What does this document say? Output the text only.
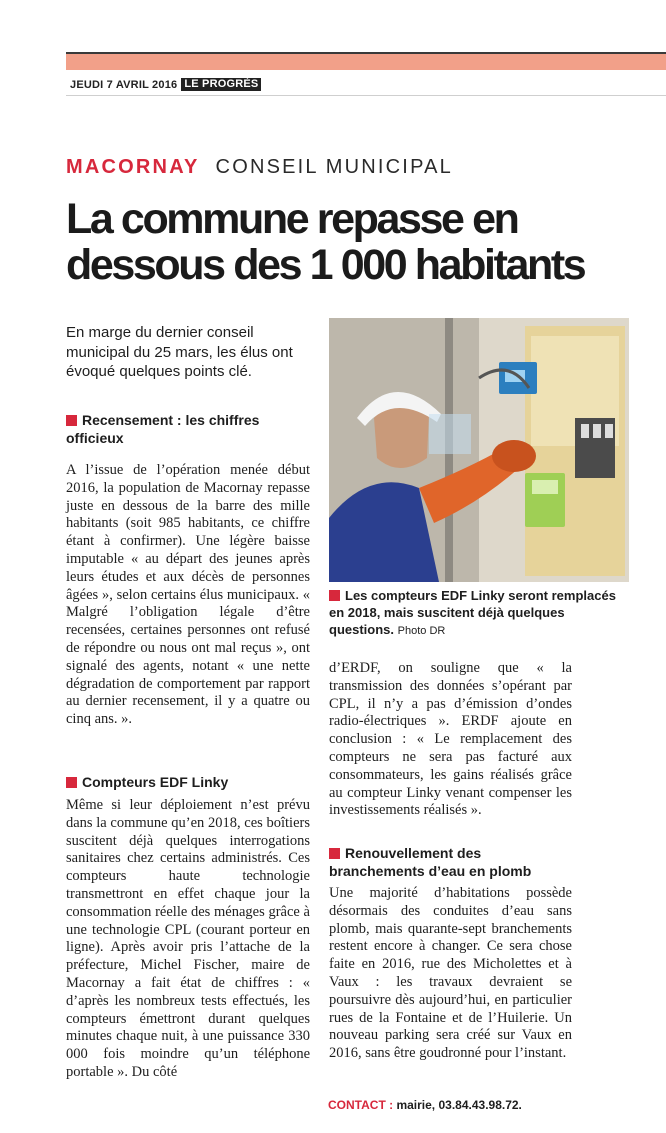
JEUDI 7 AVRIL 2016 LE PROGRÈS
MACORNAY CONSEIL MUNICIPAL
La commune repasse en
dessous des 1 000 habitants

En marge du dernier conseil municipal du 25 mars, les élus ont évoqué quelques points clé.

Recensement : les chiffres officieux

A l’issue de l’opération menée début 2016, la population de Macornay repasse juste en dessous de la barre des mille habitants (soit 985 habitants, ce chiffre étant à confirmer). Une légère baisse imputable « au départ des jeunes après leurs études et aux décès de personnes âgées », selon certains élus municipaux. « Malgré l’obligation légale d’être recensées, certaines personnes ont refusé de répondre ou nous ont mal reçus », ont signalé des agents, notant « une nette dégradation de comportement par rapport au dernier recensement, il y a quatre ou cinq ans. ».

Compteurs EDF Linky

Même si leur déploiement n’est prévu dans la commune qu’en 2018, ces boîtiers suscitent déjà quelques interrogations sanitaires chez certains administrés. Ces compteurs haute technologie transmettront en effet chaque jour la consommation réelle des ménages grâce à une technologie CPL (courant porteur en ligne). Après avoir pris l’attache de la préfecture, Michel Fischer, maire de Macornay a fait état de chiffres : « d’après les nombreux tests effectués, les compteurs émettront durant quelques minutes chaque nuit, à une puissance 330 000 fois moindre qu’un téléphone portable ». Du côté

Les compteurs EDF Linky seront remplacés en 2018, mais suscitent déjà quelques questions. Photo DR

d’ERDF, on souligne que « la transmission des données s’opérant par CPL, il n’y a pas d’émission d’ondes radio-électriques ». ERDF ajoute en conclusion : « Le remplacement des compteurs ne sera pas facturé aux consommateurs, les gains réalisés grâce au compteur Linky venant compenser les investissements réalisés ».

Renouvellement des branchements d’eau en plomb

Une majorité d’habitations possède désormais des conduites d’eau sans plomb, mais quarante-sept branchements restent encore à changer. Ce sera chose faite en 2016, rue des Micholettes et à Vaux : les travaux devraient se poursuivre dès aujourd’hui, en particulier rues de la Fontaine et de l’Huilerie. Un nouveau parking sera créé sur Vaux en 2016, sans être goudronné pour l’instant.

CONTACT : mairie, 03.84.43.98.72.
